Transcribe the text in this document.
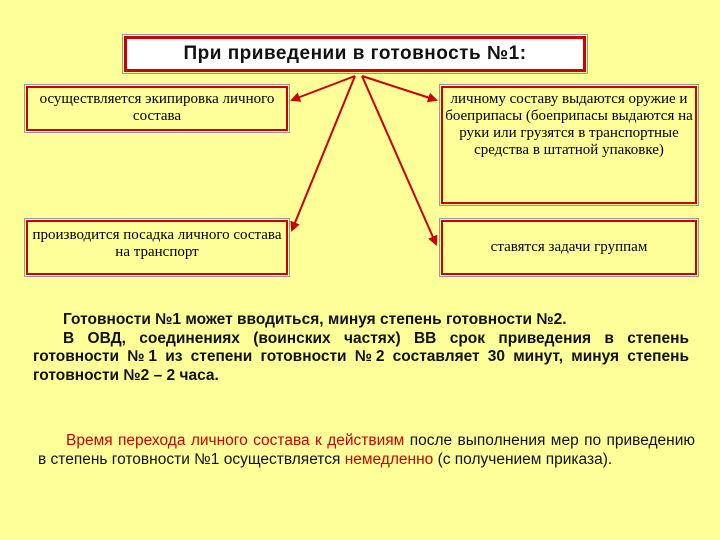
При приведении в готовность №1:
осуществляется экипировка личного состава
личному составу выдаются оружие и боеприпасы (боеприпасы выдаются на руки или грузятся в транспортные средства в штатной упаковке)
производится посадка личного состава на транспорт	ставятся задачи группам

Готовности №1 может вводиться, минуя степень готовности №2.

В ОВД, соединениях (воинских частях) ВВ срок приведения в степень готовности №1 из степени готовности №2 составляет 30 минут, минуя степень готовности №2 – 2 часа.

Время перехода личного состава к действиям после выполнения мер по приведению в степень готовности №1 осуществляется немедленно (с получением приказа).
